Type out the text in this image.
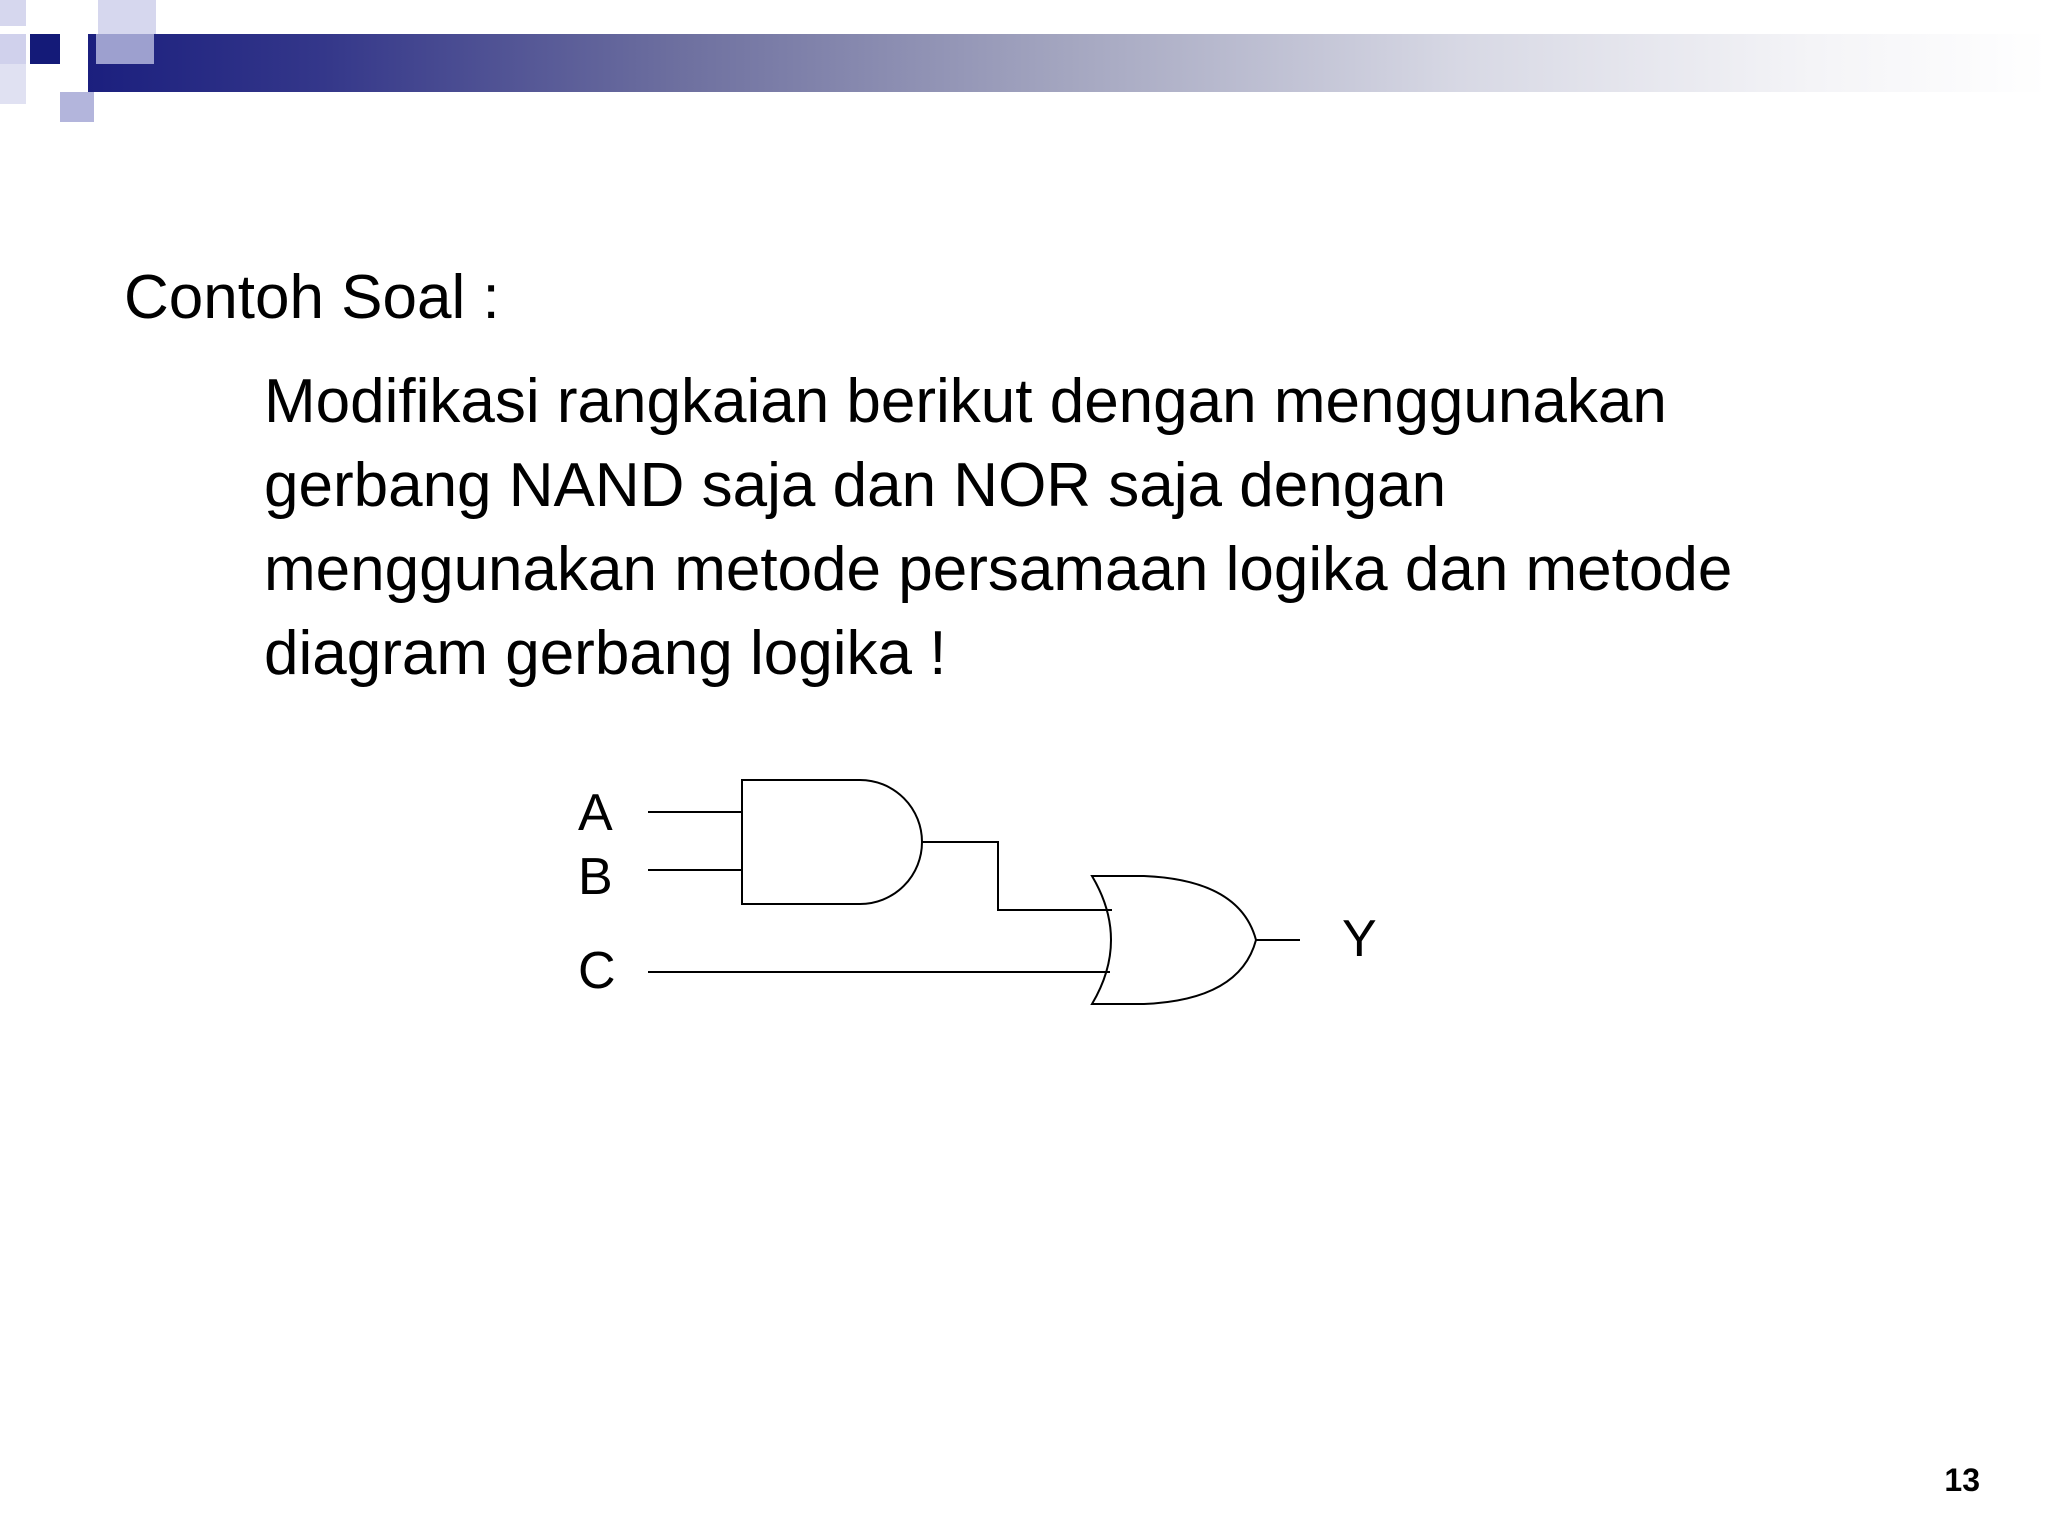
Contoh Soal :
Modifikasi rangkaian berikut dengan menggunakan
gerbang NAND saja dan NOR saja dengan
menggunakan metode persamaan logika dan metode
diagram gerbang logika !
A
B
C
Y
13
